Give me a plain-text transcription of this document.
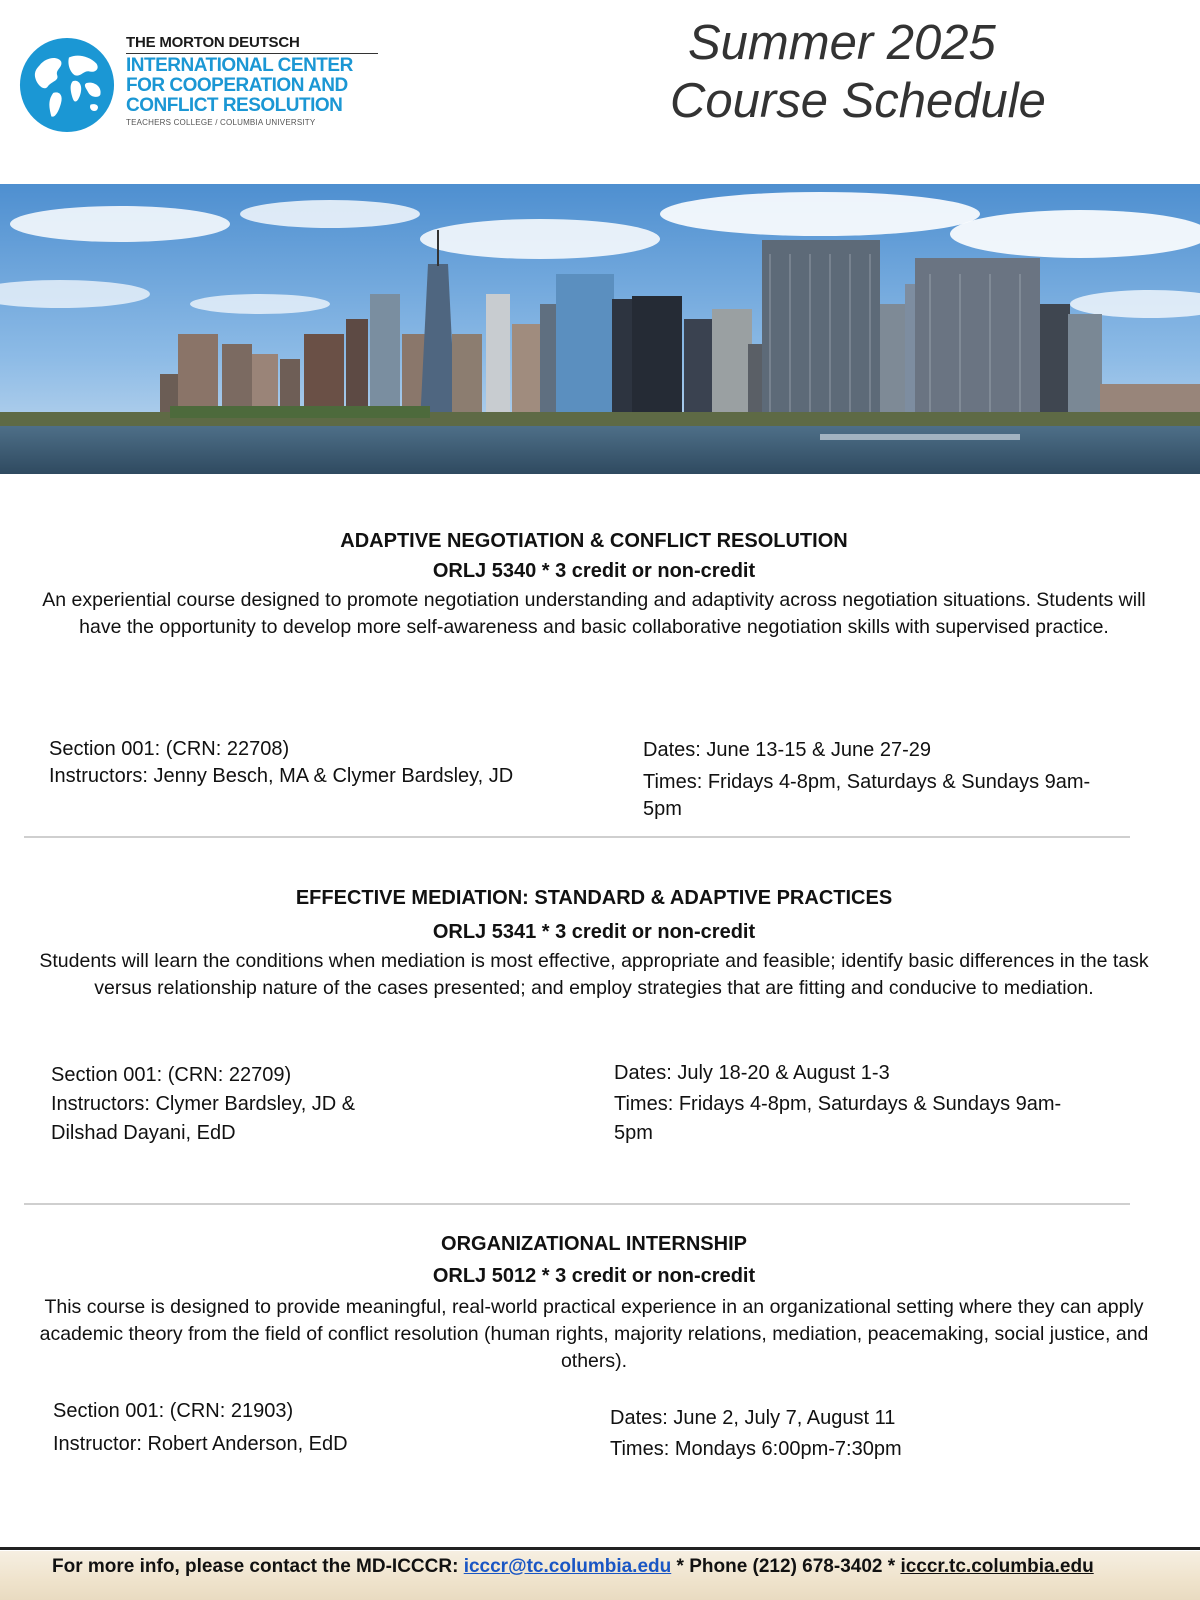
THE MORTON DEUTSCH
INTERNATIONAL CENTER
FOR COOPERATION AND
CONFLICT RESOLUTION
TEACHERS COLLEGE / COLUMBIA UNIVERSITY
Summer 2025
Course Schedule
ADAPTIVE NEGOTIATION & CONFLICT RESOLUTION
ORLJ 5340 * 3 credit or non-credit
An experiential course designed to promote negotiation understanding and adaptivity across negotiation situations. Students will have the opportunity to develop more self-awareness and basic collaborative negotiation skills with supervised practice.
Section 001: (CRN: 22708)
Instructors: Jenny Besch, MA & Clymer Bardsley, JD
Dates: June 13-15 & June 27-29
Times: Fridays 4-8pm, Saturdays & Sundays 9am-5pm
EFFECTIVE MEDIATION: STANDARD & ADAPTIVE PRACTICES
ORLJ 5341 * 3 credit or non-credit
Students will learn the conditions when mediation is most effective, appropriate and feasible; identify basic differences in the task versus relationship nature of the cases presented; and employ strategies that are fitting and conducive to mediation.
Section 001: (CRN: 22709)
Instructors: Clymer Bardsley, JD & Dilshad Dayani, EdD
Dates: July 18-20 & August 1-3
Times: Fridays 4-8pm, Saturdays & Sundays 9am-5pm
ORGANIZATIONAL INTERNSHIP
ORLJ 5012 * 3 credit or non-credit
This course is designed to provide meaningful, real-world practical experience in an organizational setting where they can apply academic theory from the field of conflict resolution (human rights, majority relations, mediation, peacemaking, social justice, and others).
Section 001: (CRN: 21903)
Instructor: Robert Anderson, EdD
Dates: June 2, July 7, August 11
Times: Mondays 6:00pm-7:30pm
For more info, please contact the MD-ICCCR: icccr@tc.columbia.edu * Phone (212) 678-3402 * icccr.tc.columbia.edu
